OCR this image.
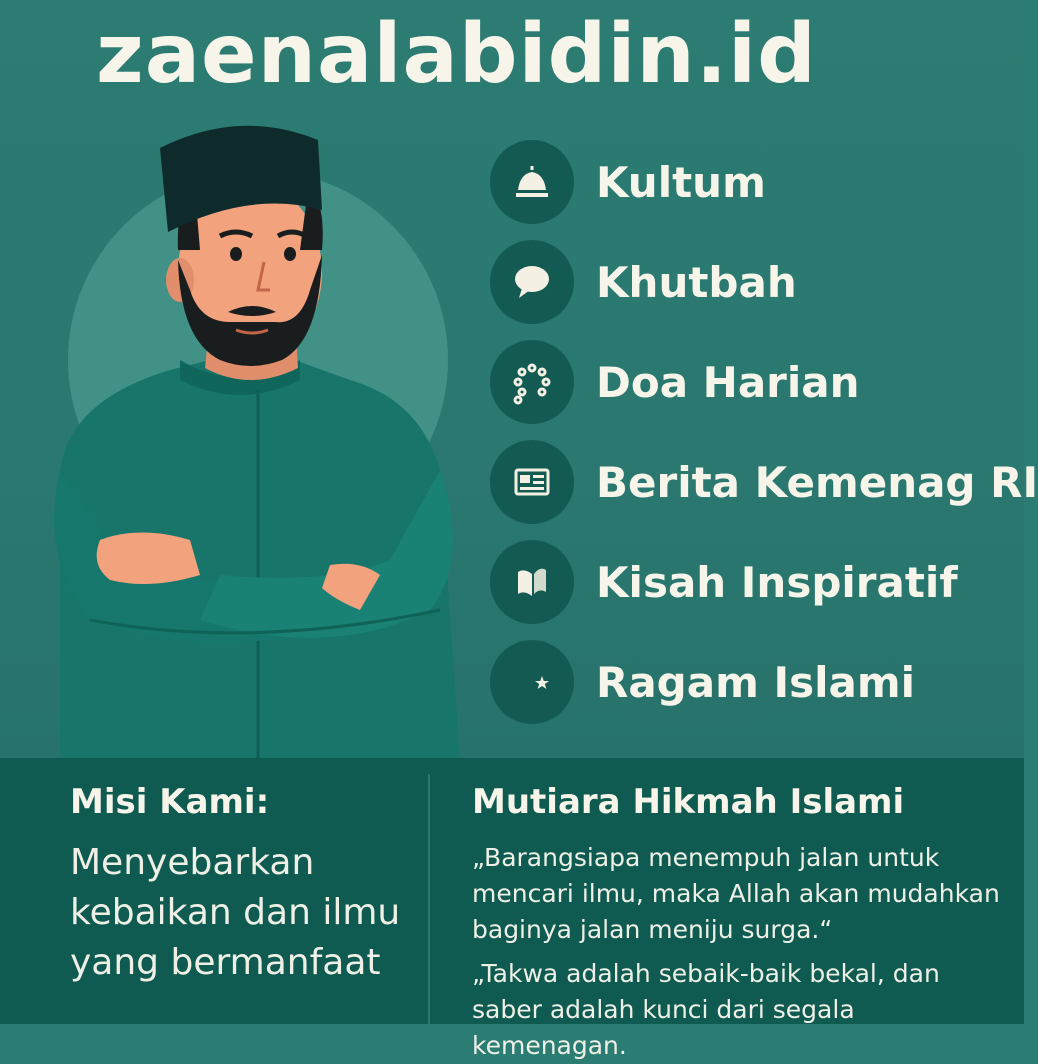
zaenalabidin.id
Kultum
Khutbah
Doa Harian
Berita Kemenag RI
Kisah Inspiratif
Ragam Islami
Misi Kami:
Menyebarkan kebaikan dan ilmu yang bermanfaat
Mutiara Hikmah Islami
„Barangsiapa menempuh jalan untuk mencari ilmu, maka Allah akan mudahkan baginya jalan meniju surga.“
„Takwa adalah sebaik-baik bekal, dan saber adalah kunci dari segala kemenagan.
